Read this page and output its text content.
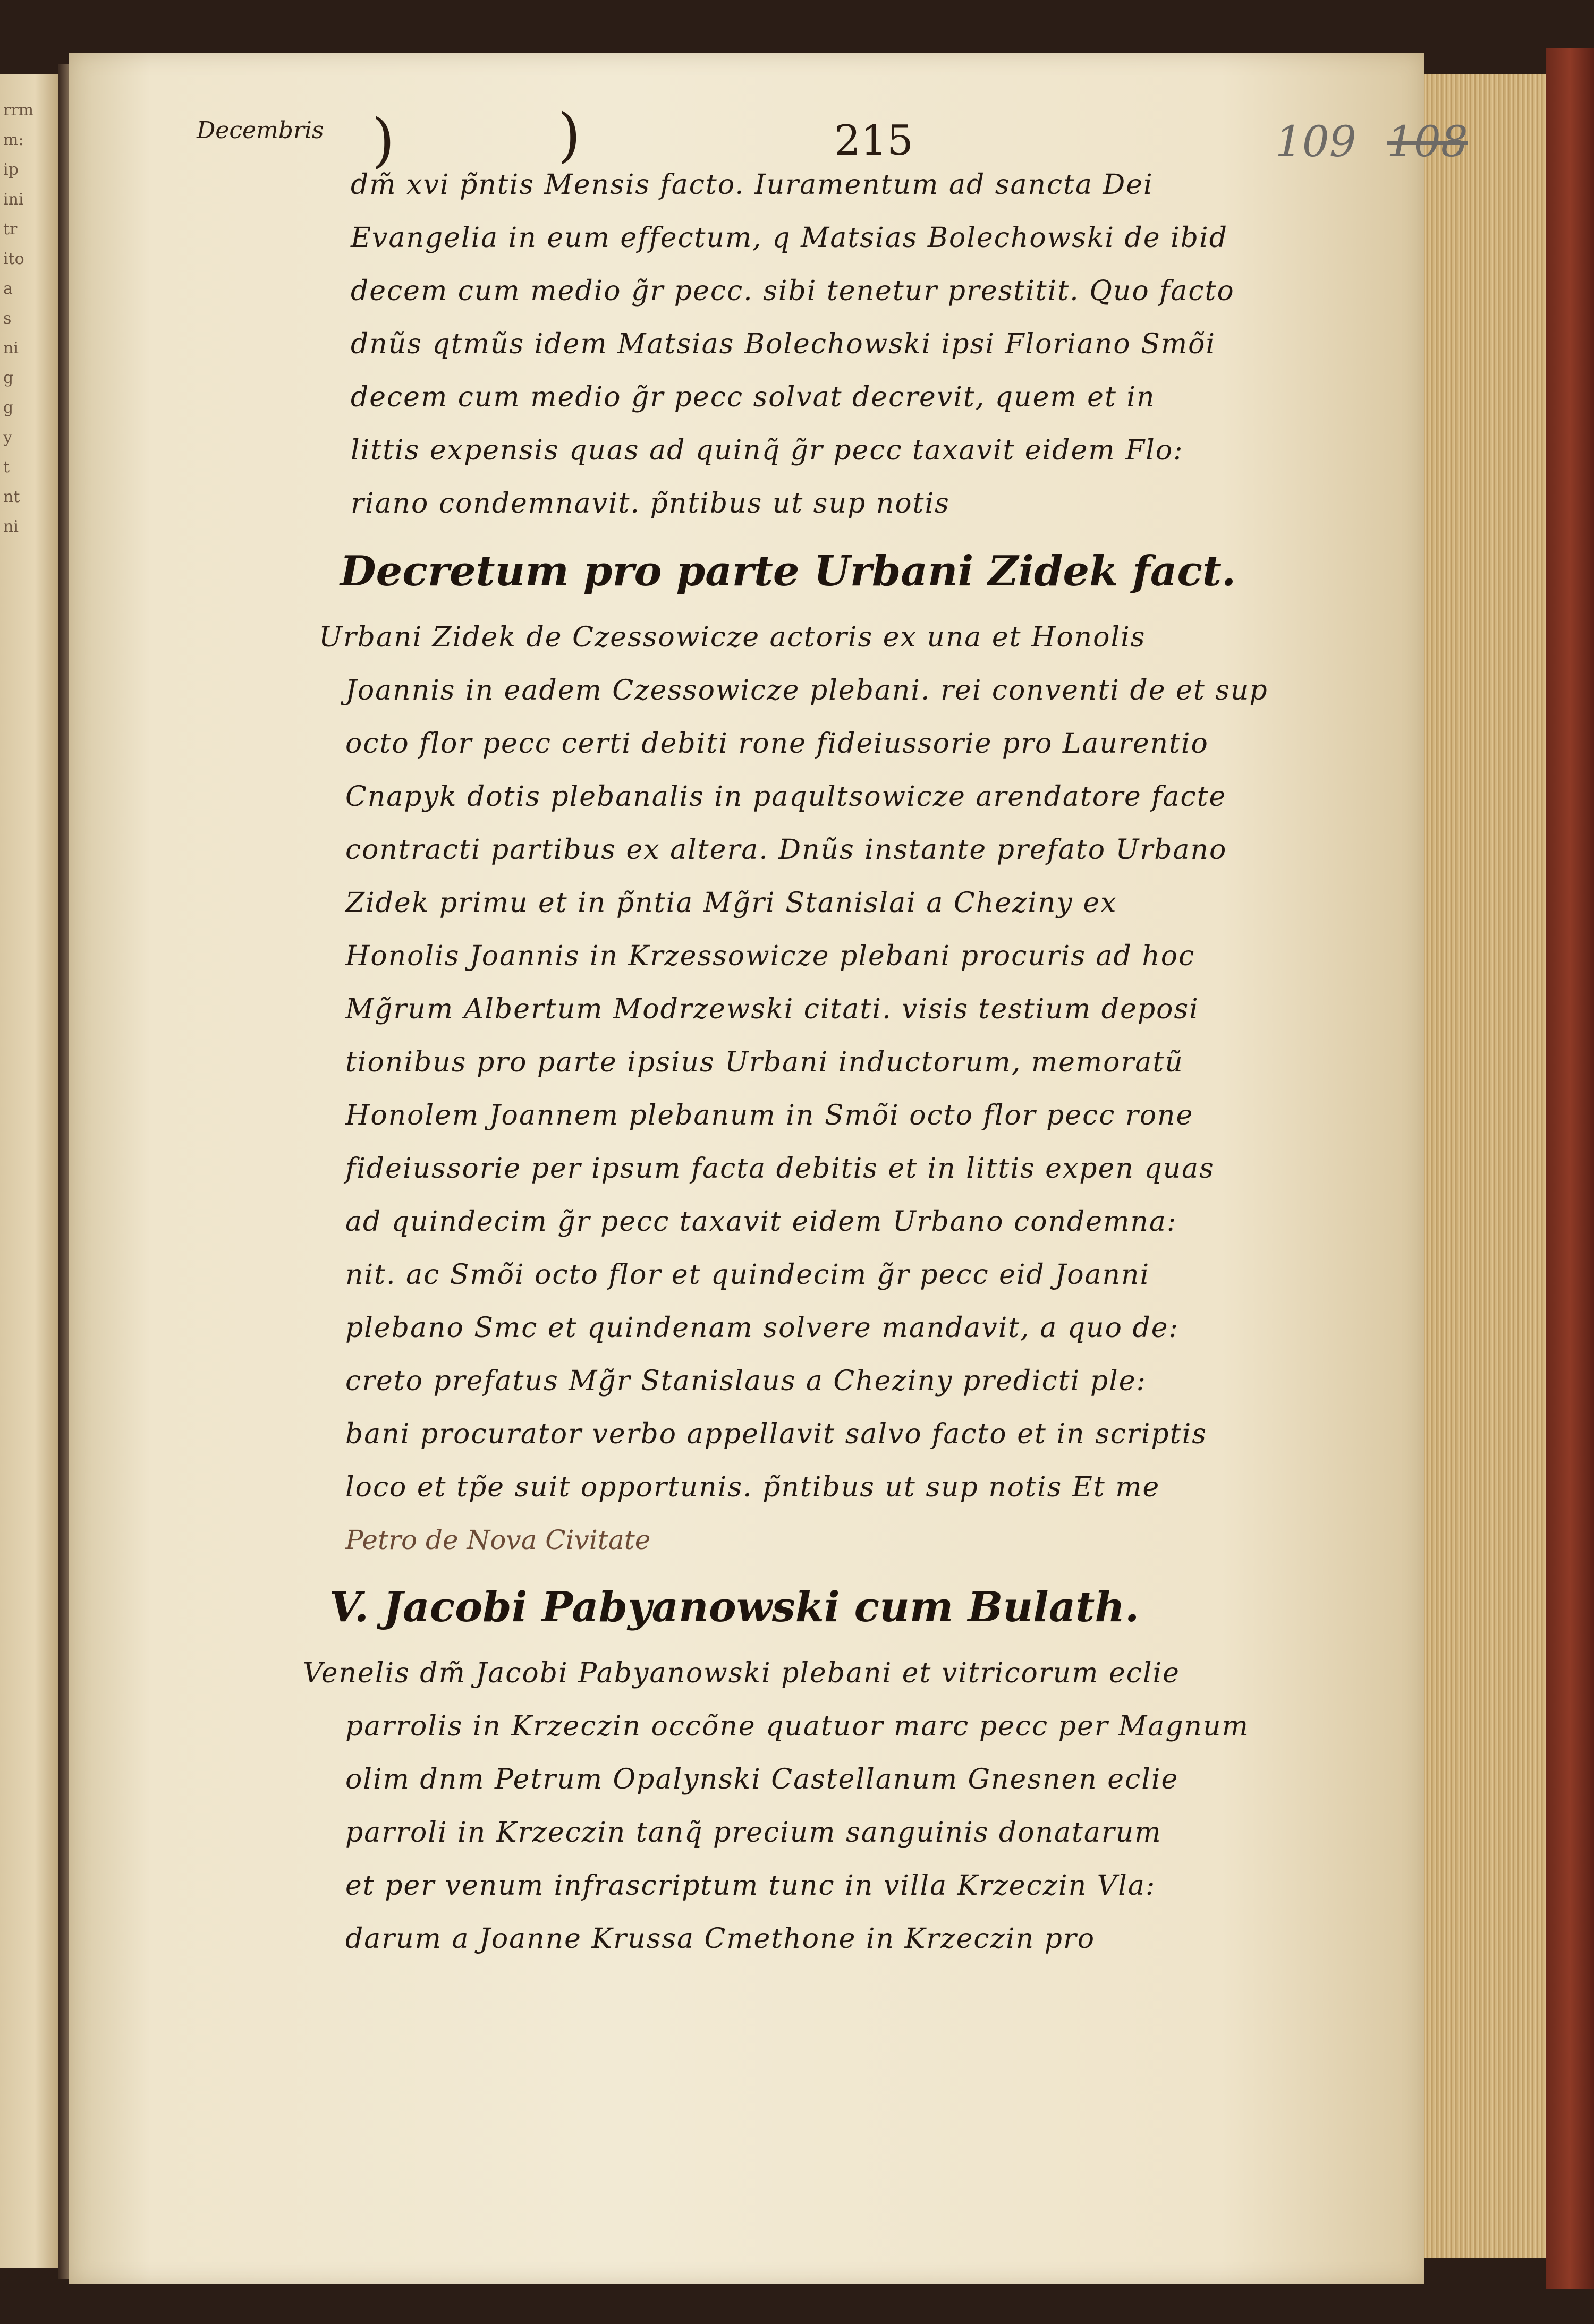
rrm
m:
ip
ini
tr
ito
a
s
ni
g
g
y
t
nt
ni
Decembris	215	109 108
)	)
dm̃ xvi p̃ntis Mensis facto. Iuramentum ad sancta Dei
Evangelia in eum effectum, q Matsias Bolechowski de ibid
decem cum medio g̃r pecc. sibi tenetur prestitit. Quo facto
dnũs qtmũs idem Matsias Bolechowski ipsi Floriano Smõi
decem cum medio g̃r pecc solvat decrevit, quem et in
littis expensis quas ad quinq̃ g̃r pecc taxavit eidem Flo:
riano condemnavit. p̃ntibus ut sup notis
Decretum pro parte Urbani Zidek fact.
Urbani Zidek de Czessowicze actoris ex una et Honolis
Joannis in eadem Czessowicze plebani. rei conventi de et sup
octo flor pecc certi debiti rone fideiussorie pro Laurentio
Cnapyk dotis plebanalis in paqultsowicze arendatore facte
contracti partibus ex altera. Dnũs instante prefato Urbano
Zidek primu et in p̃ntia Mg̃ri Stanislai a Cheziny ex
Honolis Joannis in Krzessowicze plebani procuris ad hoc
Mg̃rum Albertum Modrzewski citati. visis testium deposi
tionibus pro parte ipsius Urbani inductorum, memoratũ
Honolem Joannem plebanum in Smõi octo flor pecc rone
fideiussorie per ipsum facta debitis et in littis expen quas
ad quindecim g̃r pecc taxavit eidem Urbano condemna:
nit. ac Smõi octo flor et quindecim g̃r pecc eid Joanni
plebano Smc et quindenam solvere mandavit, a quo de:
creto prefatus Mg̃r Stanislaus a Cheziny predicti ple:
bani procurator verbo appellavit salvo facto et in scriptis
loco et tp̃e suit opportunis. p̃ntibus ut sup notis Et me
Petro de Nova Civitate
V. Jacobi Pabyanowski cum Bulath.
Venelis dm̃ Jacobi Pabyanowski plebani et vitricorum eclie
parrolis in Krzeczin occõne quatuor marc pecc per Magnum
olim dnm Petrum Opalynski Castellanum Gnesnen eclie
parroli in Krzeczin tanq̃ precium sanguinis donatarum
et per venum infrascriptum tunc in villa Krzeczin Vla:
darum a Joanne Krussa Cmethone in Krzeczin pro
